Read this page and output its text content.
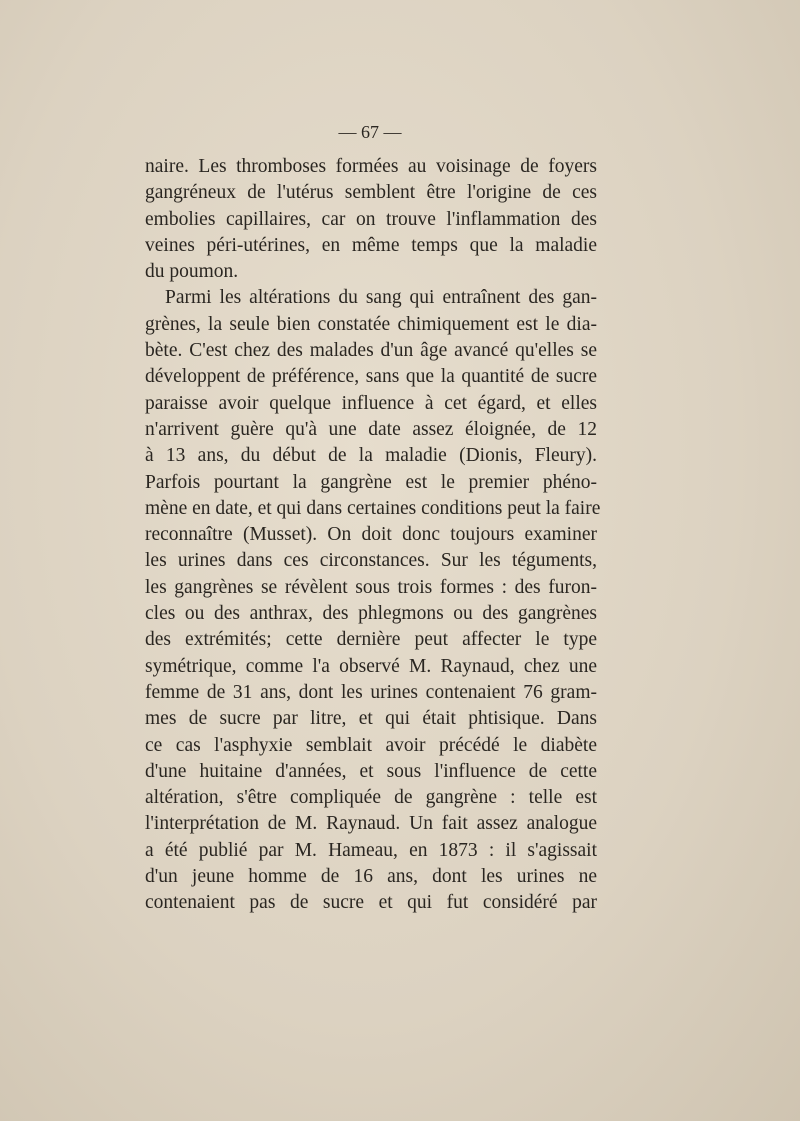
— 67 —
naire. Les thromboses formées au voisinage de foyers
gangréneux de l'utérus semblent être l'origine de ces
embolies capillaires, car on trouve l'inflammation des
veines péri-utérines, en même temps que la maladie
du poumon.
Parmi les altérations du sang qui entraînent des gan-
grènes, la seule bien constatée chimiquement est le dia-
bète. C'est chez des malades d'un âge avancé qu'elles se
développent de préférence, sans que la quantité de sucre
paraisse avoir quelque influence à cet égard, et elles
n'arrivent guère qu'à une date assez éloignée, de 12
à 13 ans, du début de la maladie (Dionis, Fleury).
Parfois pourtant la gangrène est le premier phéno-
mène en date, et qui dans certaines conditions peut la faire
reconnaître (Musset). On doit donc toujours examiner
les urines dans ces circonstances. Sur les téguments,
les gangrènes se révèlent sous trois formes : des furon-
cles ou des anthrax, des phlegmons ou des gangrènes
des extrémités; cette dernière peut affecter le type
symétrique, comme l'a observé M. Raynaud, chez une
femme de 31 ans, dont les urines contenaient 76 gram-
mes de sucre par litre, et qui était phtisique. Dans
ce cas l'asphyxie semblait avoir précédé le diabète
d'une huitaine d'années, et sous l'influence de cette
altération, s'être compliquée de gangrène : telle est
l'interprétation de M. Raynaud. Un fait assez analogue
a été publié par M. Hameau, en 1873 : il s'agissait
d'un jeune homme de 16 ans, dont les urines ne
contenaient pas de sucre et qui fut considéré par
